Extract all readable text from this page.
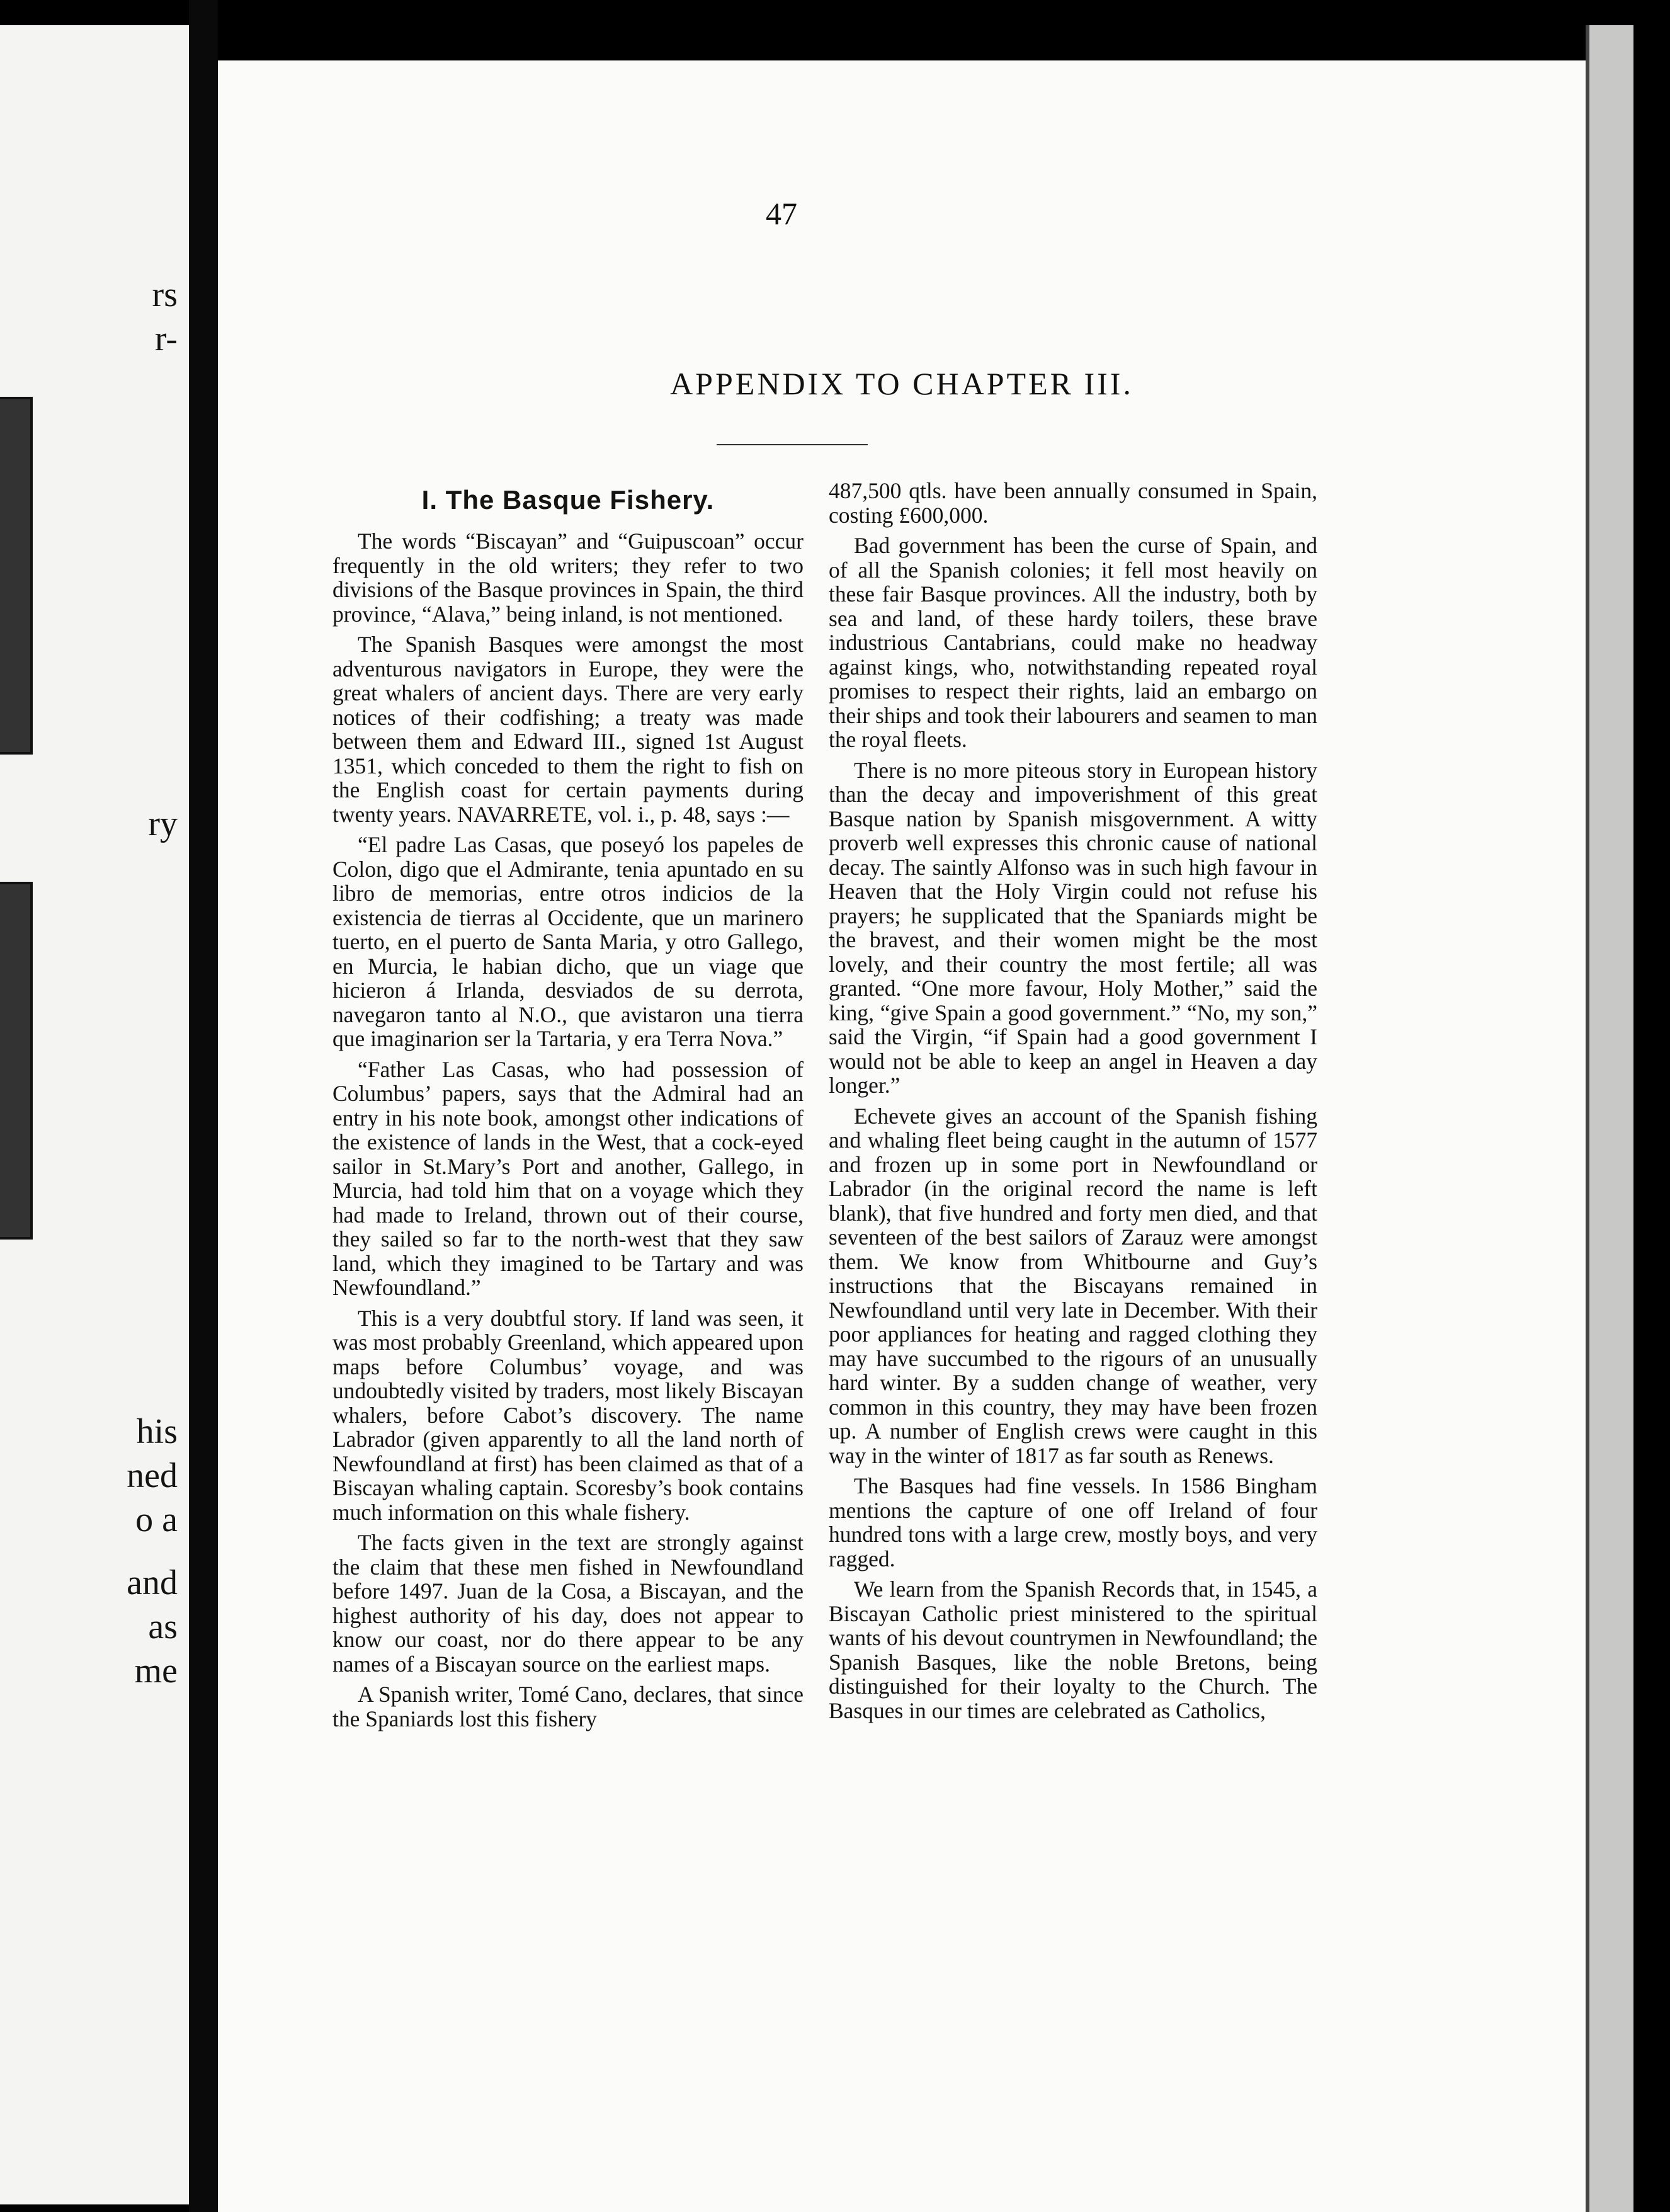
rs
r-
ry
his
ned
o a
and
as
me
47
APPENDIX TO CHAPTER III.
I. The Basque Fishery.

The words “Biscayan” and “Guipuscoan” occur frequently in the old writers; they refer to two divisions of the Basque provinces in Spain, the third province, “Alava,” being inland, is not mentioned.

The Spanish Basques were amongst the most adventurous navigators in Europe, they were the great whalers of ancient days. There are very early notices of their codfishing; a treaty was made between them and Edward III., signed 1st August 1351, which conceded to them the right to fish on the English coast for certain payments during twenty years. NAVARRETE, vol. i., p. 48, says :—

“El padre Las Casas, que poseyó los papeles de Colon, digo que el Admirante, tenia apuntado en su libro de memorias, entre otros indicios de la existencia de tierras al Occidente, que un marinero tuerto, en el puerto de Santa Maria, y otro Gallego, en Murcia, le habian dicho, que un viage que hicieron á Irlanda, desviados de su derrota, navegaron tanto al N.O., que avistaron una tierra que imaginarion ser la Tartaria, y era Terra Nova.”

“Father Las Casas, who had possession of Columbus’ papers, says that the Admiral had an entry in his note book, amongst other indications of the existence of lands in the West, that a cock-eyed sailor in St.Mary’s Port and another, Gallego, in Murcia, had told him that on a voyage which they had made to Ireland, thrown out of their course, they sailed so far to the north-west that they saw land, which they imagined to be Tartary and was Newfoundland.”

This is a very doubtful story. If land was seen, it was most probably Greenland, which appeared upon maps before Columbus’ voyage, and was undoubtedly visited by traders, most likely Biscayan whalers, before Cabot’s discovery. The name Labrador (given apparently to all the land north of Newfoundland at first) has been claimed as that of a Biscayan whaling captain. Scoresby’s book contains much information on this whale fishery.

The facts given in the text are strongly against the claim that these men fished in Newfoundland before 1497. Juan de la Cosa, a Biscayan, and the highest authority of his day, does not appear to know our coast, nor do there appear to be any names of a Biscayan source on the earliest maps.

A Spanish writer, Tomé Cano, declares, that since the Spaniards lost this fishery

487,500 qtls. have been annually consumed in Spain, costing £600,000.

Bad government has been the curse of Spain, and of all the Spanish colonies; it fell most heavily on these fair Basque provinces. All the industry, both by sea and land, of these hardy toilers, these brave industrious Cantabrians, could make no headway against kings, who, notwithstanding repeated royal promises to respect their rights, laid an embargo on their ships and took their labourers and seamen to man the royal fleets.

There is no more piteous story in European history than the decay and impoverishment of this great Basque nation by Spanish misgovernment. A witty proverb well expresses this chronic cause of national decay. The saintly Alfonso was in such high favour in Heaven that the Holy Virgin could not refuse his prayers; he supplicated that the Spaniards might be the bravest, and their women might be the most lovely, and their country the most fertile; all was granted. “One more favour, Holy Mother,” said the king, “give Spain a good government.” “No, my son,” said the Virgin, “if Spain had a good government I would not be able to keep an angel in Heaven a day longer.”

Echevete gives an account of the Spanish fishing and whaling fleet being caught in the autumn of 1577 and frozen up in some port in Newfoundland or Labrador (in the original record the name is left blank), that five hundred and forty men died, and that seventeen of the best sailors of Zarauz were amongst them. We know from Whitbourne and Guy’s instructions that the Biscayans remained in Newfoundland until very late in December. With their poor appliances for heating and ragged clothing they may have succumbed to the rigours of an unusually hard winter. By a sudden change of weather, very common in this country, they may have been frozen up. A number of English crews were caught in this way in the winter of 1817 as far south as Renews.

The Basques had fine vessels. In 1586 Bingham mentions the capture of one off Ireland of four hundred tons with a large crew, mostly boys, and very ragged.

We learn from the Spanish Records that, in 1545, a Biscayan Catholic priest ministered to the spiritual wants of his devout countrymen in Newfoundland; the Spanish Basques, like the noble Bretons, being distinguished for their loyalty to the Church. The Basques in our times are celebrated as Catholics,
